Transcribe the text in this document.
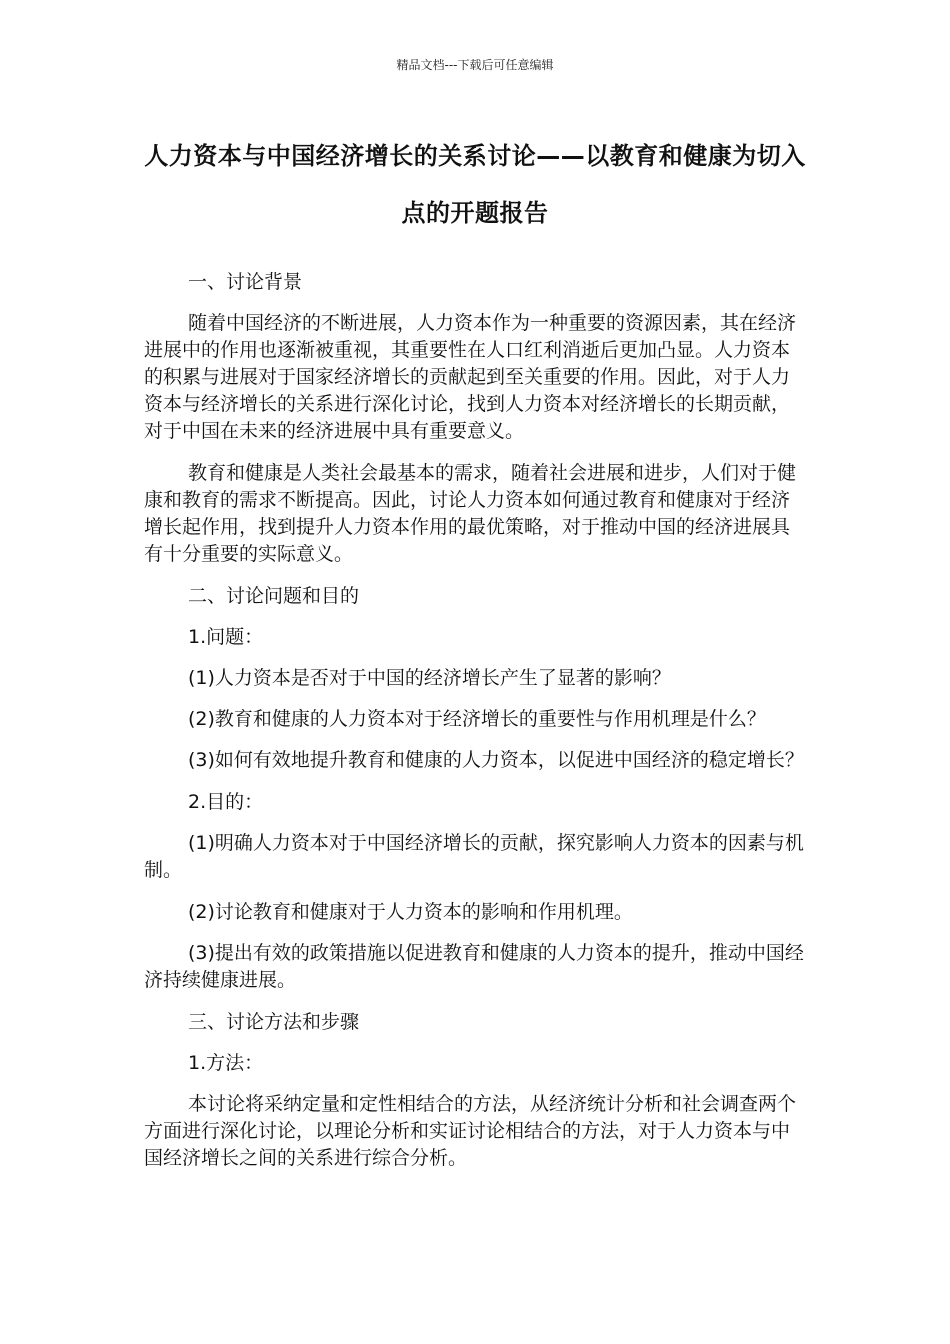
精品文档---下载后可任意编辑
人力资本与中国经济增长的关系讨论——以教育和健康为切入点的开题报告

一、讨论背景

随着中国经济的不断进展，人力资本作为一种重要的资源因素，其在经济进展中的作用也逐渐被重视，其重要性在人口红利消逝后更加凸显。人力资本的积累与进展对于国家经济增长的贡献起到至关重要的作用。因此，对于人力资本与经济增长的关系进行深化讨论，找到人力资本对经济增长的长期贡献，对于中国在未来的经济进展中具有重要意义。

教育和健康是人类社会最基本的需求，随着社会进展和进步，人们对于健康和教育的需求不断提高。因此，讨论人力资本如何通过教育和健康对于经济增长起作用，找到提升人力资本作用的最优策略，对于推动中国的经济进展具有十分重要的实际意义。

二、讨论问题和目的

1.问题：

(1)人力资本是否对于中国的经济增长产生了显著的影响？

(2)教育和健康的人力资本对于经济增长的重要性与作用机理是什么？

(3)如何有效地提升教育和健康的人力资本，以促进中国经济的稳定增长？

2.目的：

(1)明确人力资本对于中国经济增长的贡献，探究影响人力资本的因素与机制。

(2)讨论教育和健康对于人力资本的影响和作用机理。

(3)提出有效的政策措施以促进教育和健康的人力资本的提升，推动中国经济持续健康进展。

三、讨论方法和步骤

1.方法：

本讨论将采纳定量和定性相结合的方法，从经济统计分析和社会调查两个方面进行深化讨论，以理论分析和实证讨论相结合的方法，对于人力资本与中国经济增长之间的关系进行综合分析。
